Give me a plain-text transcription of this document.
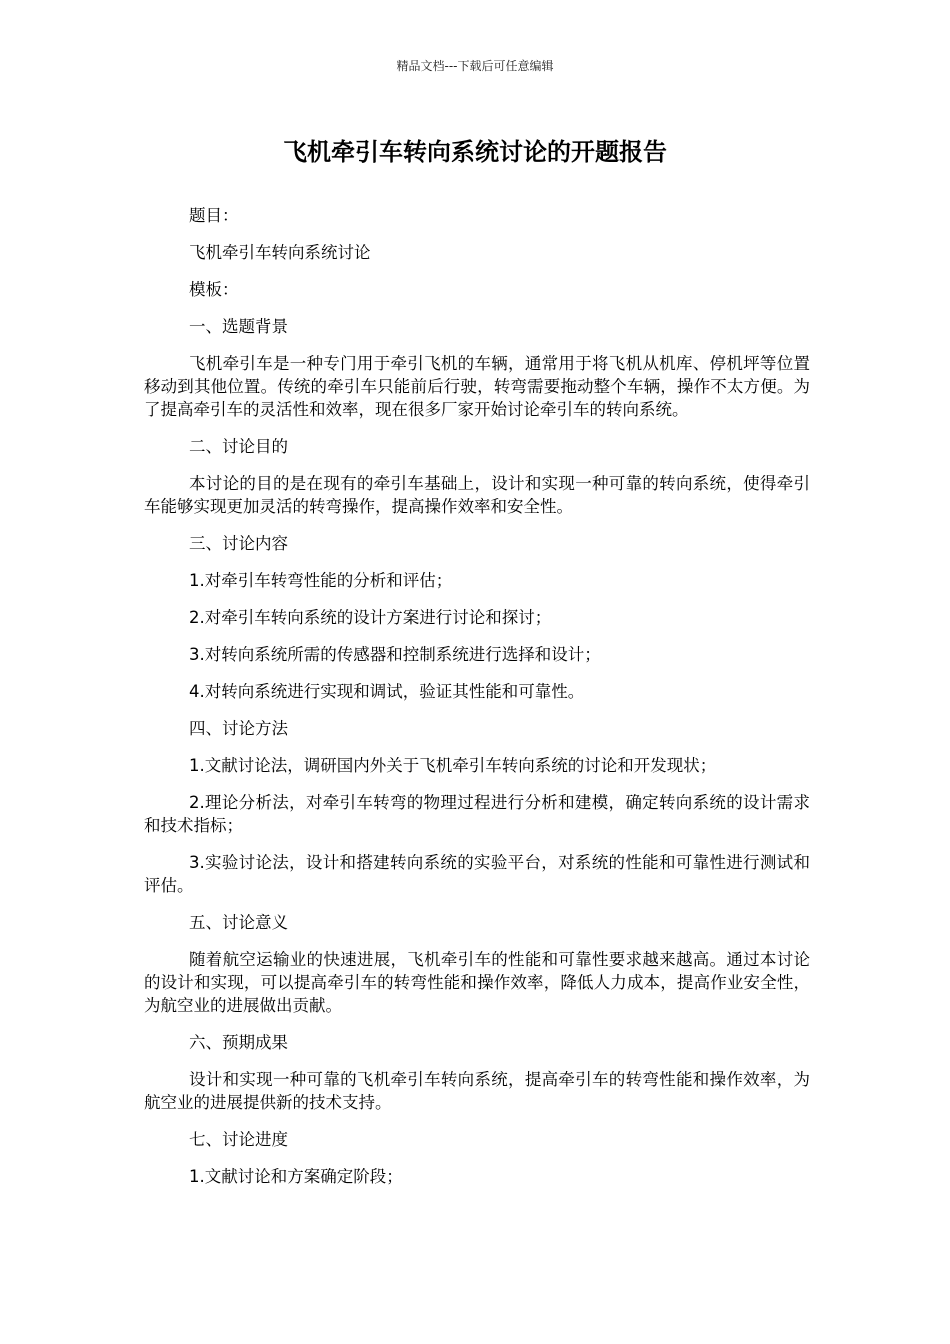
精品文档---下载后可任意编辑
飞机牵引车转向系统讨论的开题报告

题目：

飞机牵引车转向系统讨论

模板：

一、选题背景

飞机牵引车是一种专门用于牵引飞机的车辆，通常用于将飞机从机库、停机坪等位置移动到其他位置。传统的牵引车只能前后行驶，转弯需要拖动整个车辆，操作不太方便。为了提高牵引车的灵活性和效率，现在很多厂家开始讨论牵引车的转向系统。

二、讨论目的

本讨论的目的是在现有的牵引车基础上，设计和实现一种可靠的转向系统，使得牵引车能够实现更加灵活的转弯操作，提高操作效率和安全性。

三、讨论内容

1.对牵引车转弯性能的分析和评估；

2.对牵引车转向系统的设计方案进行讨论和探讨；

3.对转向系统所需的传感器和控制系统进行选择和设计；

4.对转向系统进行实现和调试，验证其性能和可靠性。

四、讨论方法

1.文献讨论法，调研国内外关于飞机牵引车转向系统的讨论和开发现状；

2.理论分析法，对牵引车转弯的物理过程进行分析和建模，确定转向系统的设计需求和技术指标；

3.实验讨论法，设计和搭建转向系统的实验平台，对系统的性能和可靠性进行测试和评估。

五、讨论意义

随着航空运输业的快速进展，飞机牵引车的性能和可靠性要求越来越高。通过本讨论的设计和实现，可以提高牵引车的转弯性能和操作效率，降低人力成本，提高作业安全性，为航空业的进展做出贡献。

六、预期成果

设计和实现一种可靠的飞机牵引车转向系统，提高牵引车的转弯性能和操作效率，为航空业的进展提供新的技术支持。

七、讨论进度

1.文献讨论和方案确定阶段；
